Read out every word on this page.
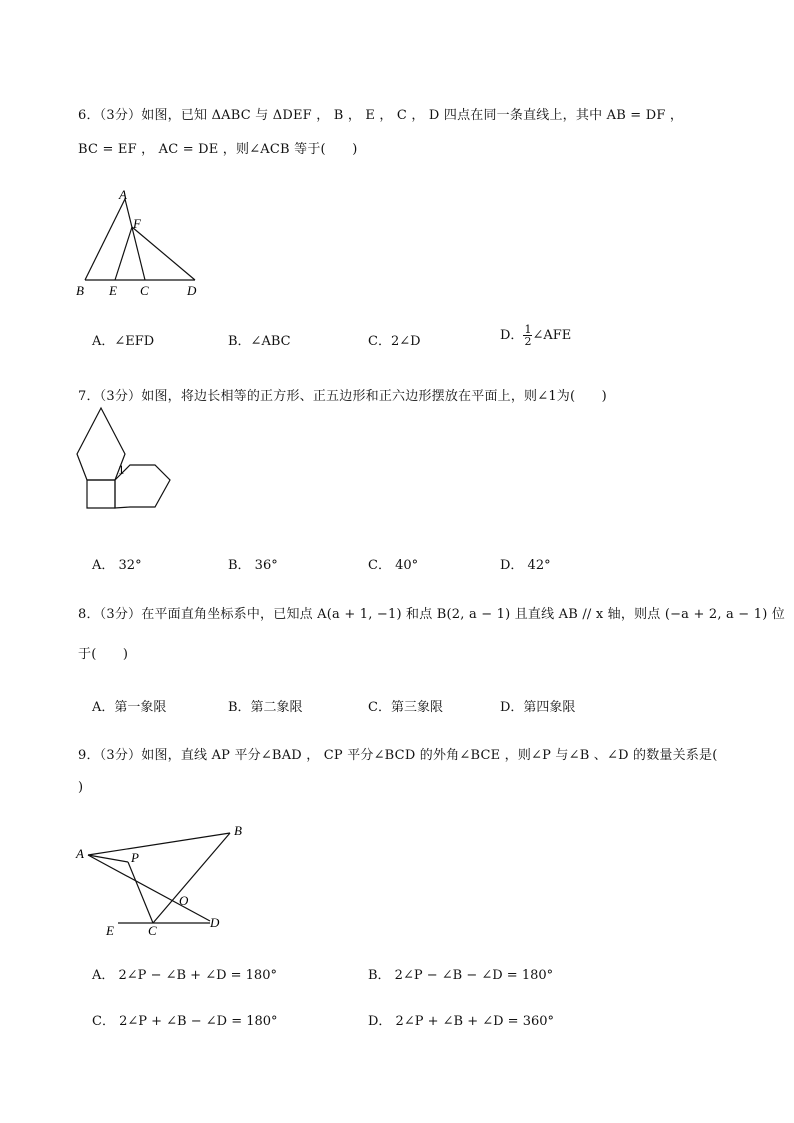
6．（3分）如图，已知 ΔABC 与 ΔDEF ， B ， E ， C ， D 四点在同一条直线上，其中 AB = DF ，
BC = EF ， AC = DE ，则∠ACB 等于(　　)
A
F
B E C	D
A．∠EFD	B．∠ABC	C．2∠D	D． $\frac{1}{2}$ ∠AFE
7．（3分）如图，将边长相等的正方形、正五边形和正六边形摆放在平面上，则∠1为(　　)
1
A． 32°	B． 36°	C． 40°	D． 42°
8．（3分）在平面直角坐标系中，已知点 A(a + 1, −1) 和点 B(2, a − 1) 且直线 AB // x 轴，则点 (−a + 2, a − 1) 位
于(　　)
A．第一象限	B．第二象限	C．第三象限	D．第四象限
9．（3分）如图，直线 AP 平分∠BAD ， CP 平分∠BCD 的外角∠BCE ，则∠P 与∠B 、∠D 的数量关系是(
)
A
B
P
O
E	C
D
A． 2∠P − ∠B + ∠D = 180°	B． 2∠P − ∠B − ∠D = 180°
C． 2∠P + ∠B − ∠D = 180°	D． 2∠P + ∠B + ∠D = 360°
